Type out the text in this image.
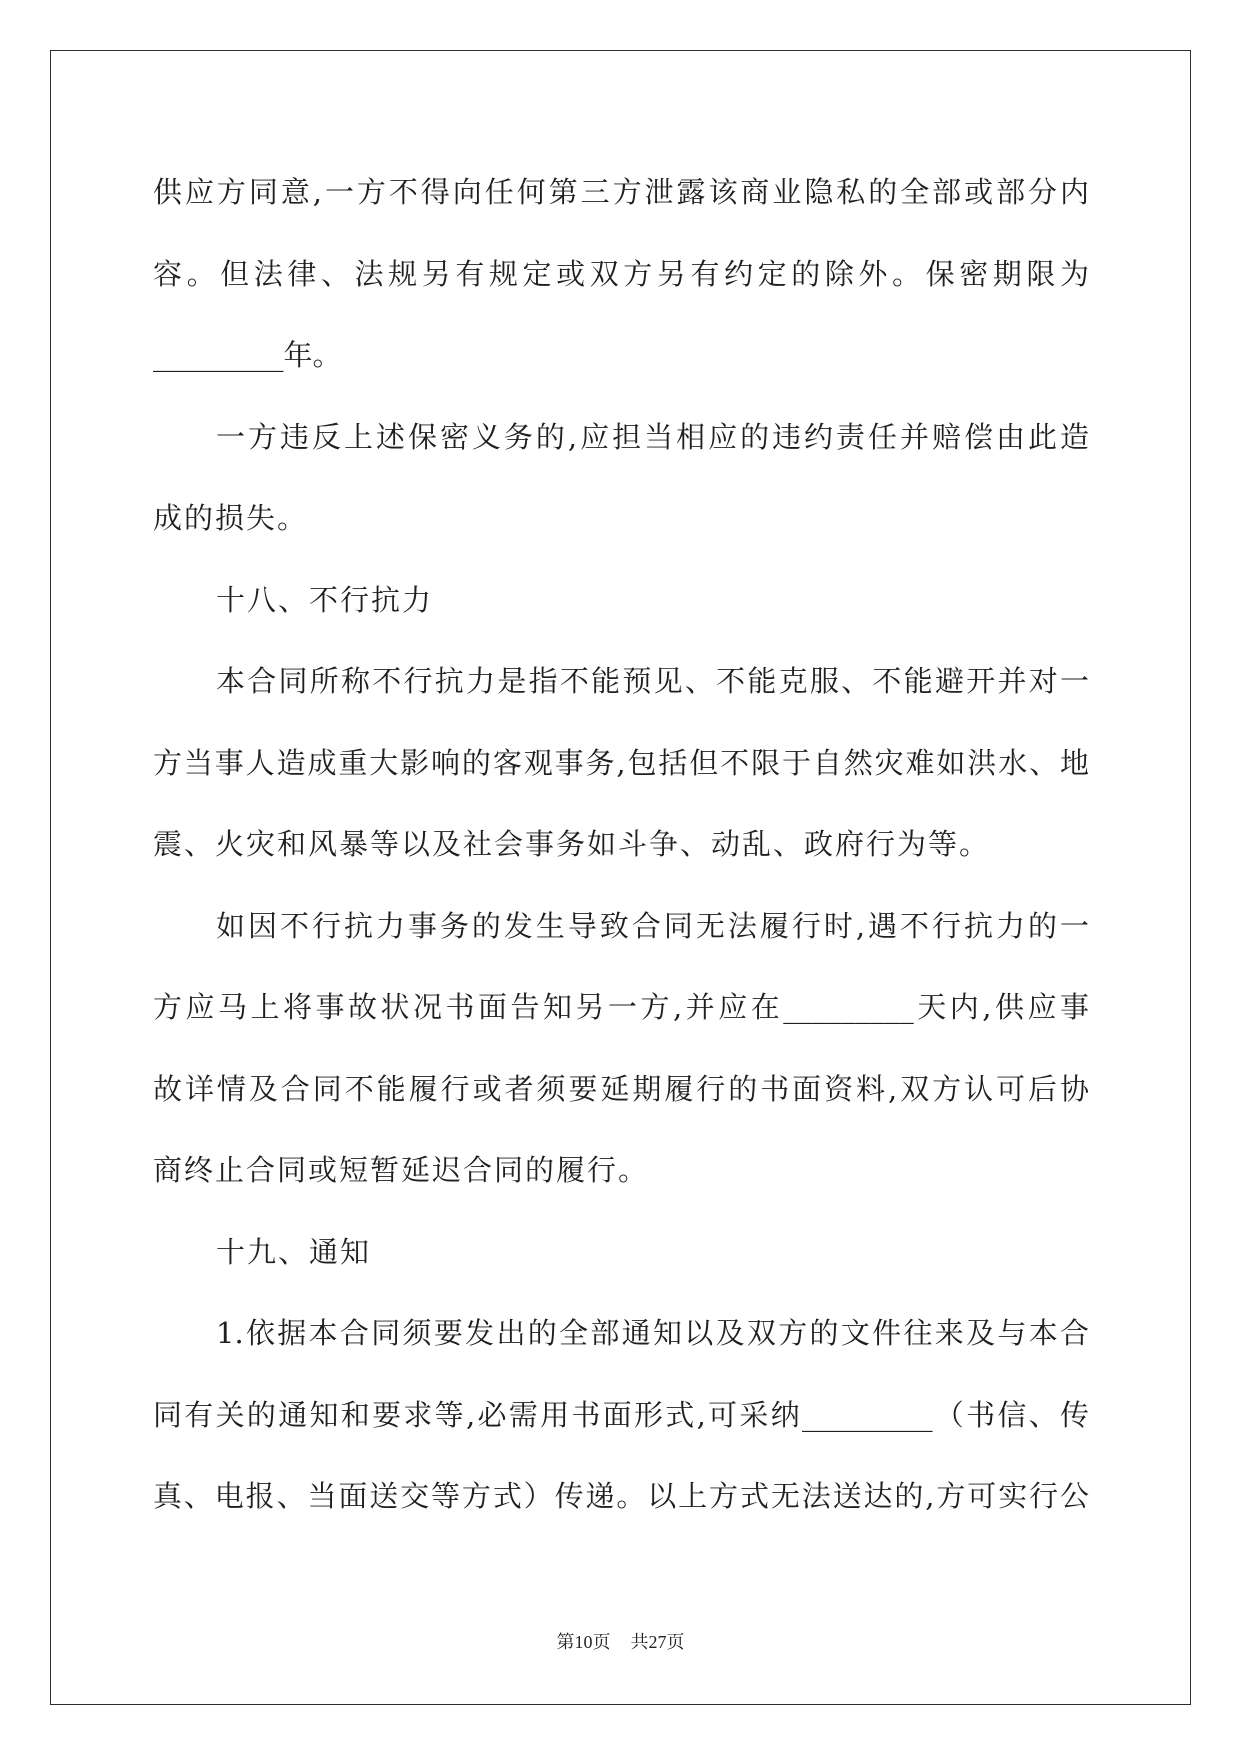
供应方同意,一方不得向任何第三方泄露该商业隐私的全部或部分内
容。但法律、法规另有规定或双方另有约定的除外。保密期限为
_________年。
一方违反上述保密义务的,应担当相应的违约责任并赔偿由此造
成的损失。
十八、不行抗力
本合同所称不行抗力是指不能预见、不能克服、不能避开并对一
方当事人造成重大影响的客观事务,包括但不限于自然灾难如洪水、地
震、火灾和风暴等以及社会事务如斗争、动乱、政府行为等。
如因不行抗力事务的发生导致合同无法履行时,遇不行抗力的一
方应马上将事故状况书面告知另一方,并应在_________天内,供应事
故详情及合同不能履行或者须要延期履行的书面资料,双方认可后协
商终止合同或短暂延迟合同的履行。
十九、通知
1.依据本合同须要发出的全部通知以及双方的文件往来及与本合
同有关的通知和要求等,必需用书面形式,可采纳_________（书信、传
真、电报、当面送交等方式）传递。以上方式无法送达的,方可实行公
第10页 共27页
